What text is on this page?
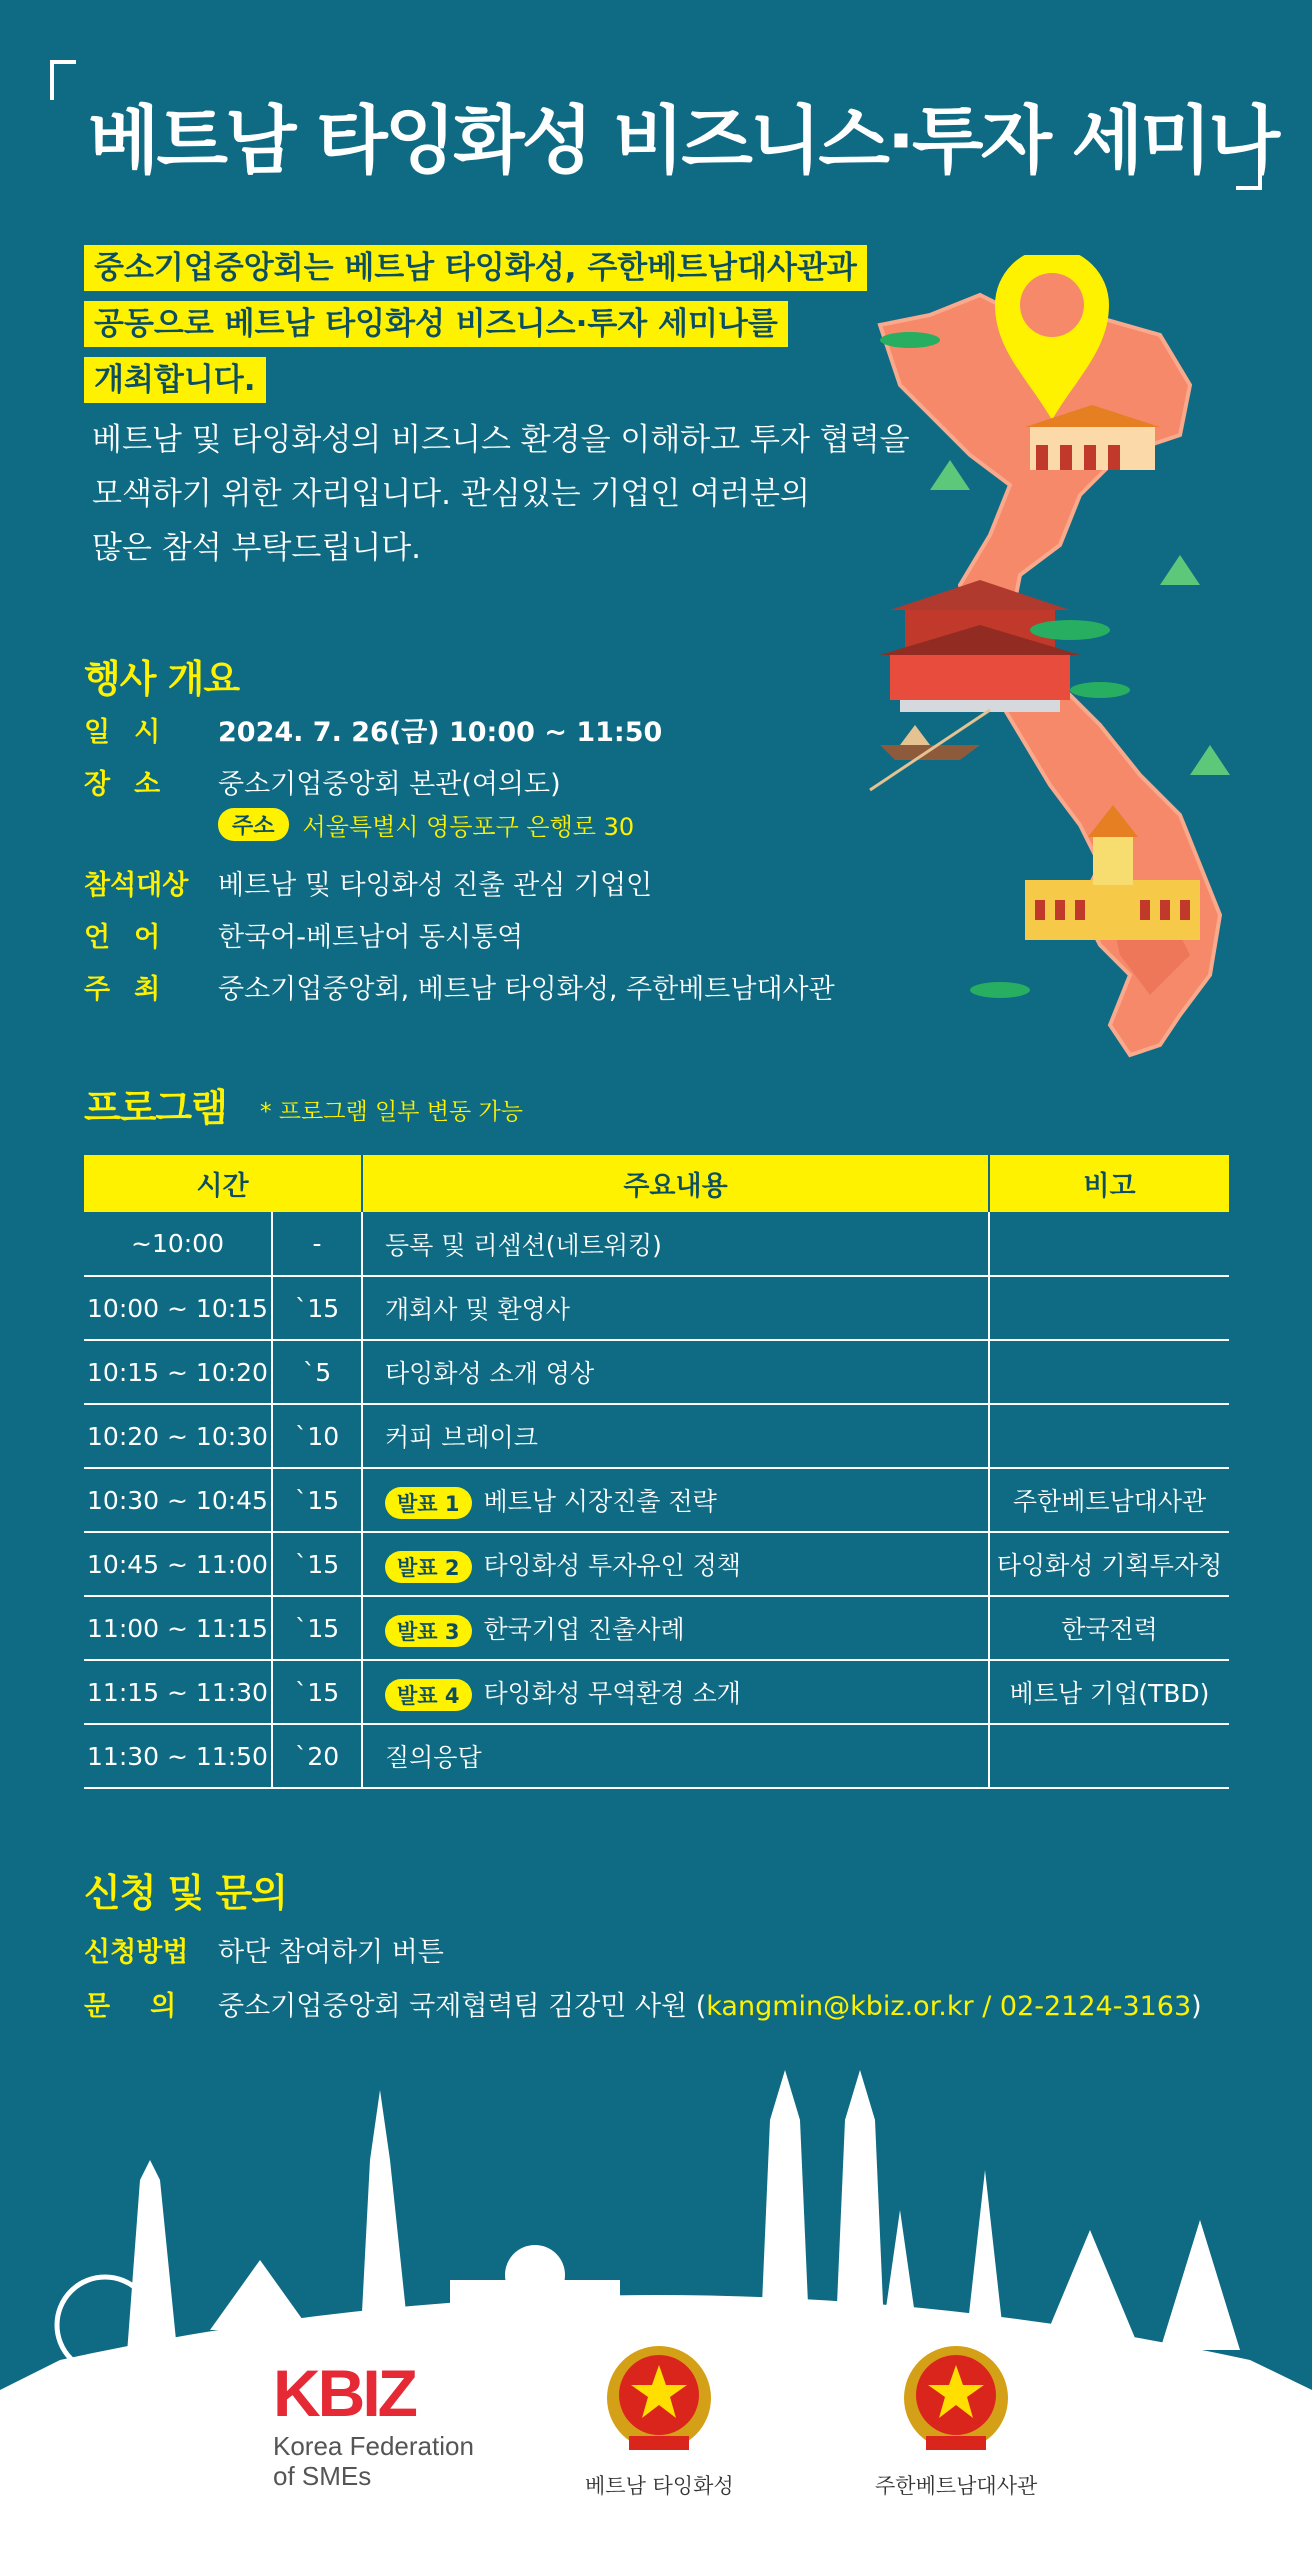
베트남 타잉화성 비즈니스·투자 세미나
중소기업중앙회는 베트남 타잉화성, 주한베트남대사관과
공동으로 베트남 타잉화성 비즈니스·투자 세미나를
개최합니다.
베트남 및 타잉화성의 비즈니스 환경을 이해하고 투자 협력을
모색하기 위한 자리입니다. 관심있는 기업인 여러분의
많은 참석 부탁드립니다.
행사 개요
일시	2024. 7. 26(금) 10:00 ~ 11:50
장소	중소기업중앙회 본관(여의도)
주소	서울특별시 영등포구 은행로 30
참석대상	베트남 및 타잉화성 진출 관심 기업인
언어	한국어-베트남어 동시통역
주최	중소기업중앙회, 베트남 타잉화성, 주한베트남대사관
프로그램 * 프로그램 일부 변동 가능
시간		주요내용	비고
~10:00	-	등록 및 리셉션(네트워킹)	
10:00 ~ 10:15	`15	개회사 및 환영사	
10:15 ~ 10:20	`5	타잉화성 소개 영상	
10:20 ~ 10:30	`10	커피 브레이크	
10:30 ~ 10:45	`15	발표 1 베트남 시장진출 전략	주한베트남대사관
10:45 ~ 11:00	`15	발표 2 타잉화성 투자유인 정책	타잉화성 기획투자청
11:00 ~ 11:15	`15	발표 3 한국기업 진출사례	한국전력
11:15 ~ 11:30	`15	발표 4 타잉화성 무역환경 소개	베트남 기업(TBD)
11:30 ~ 11:50	`20	질의응답	
신청 및 문의
신청방법	하단 참여하기 버튼
문의 중소기업중앙회 국제협력팀 김강민 사원 ( kangmin@kbiz.or.kr / 02-2124-3163 )
KBIZ
Korea Federation
of SMEs	베트남 타잉화성	주한베트남대사관
